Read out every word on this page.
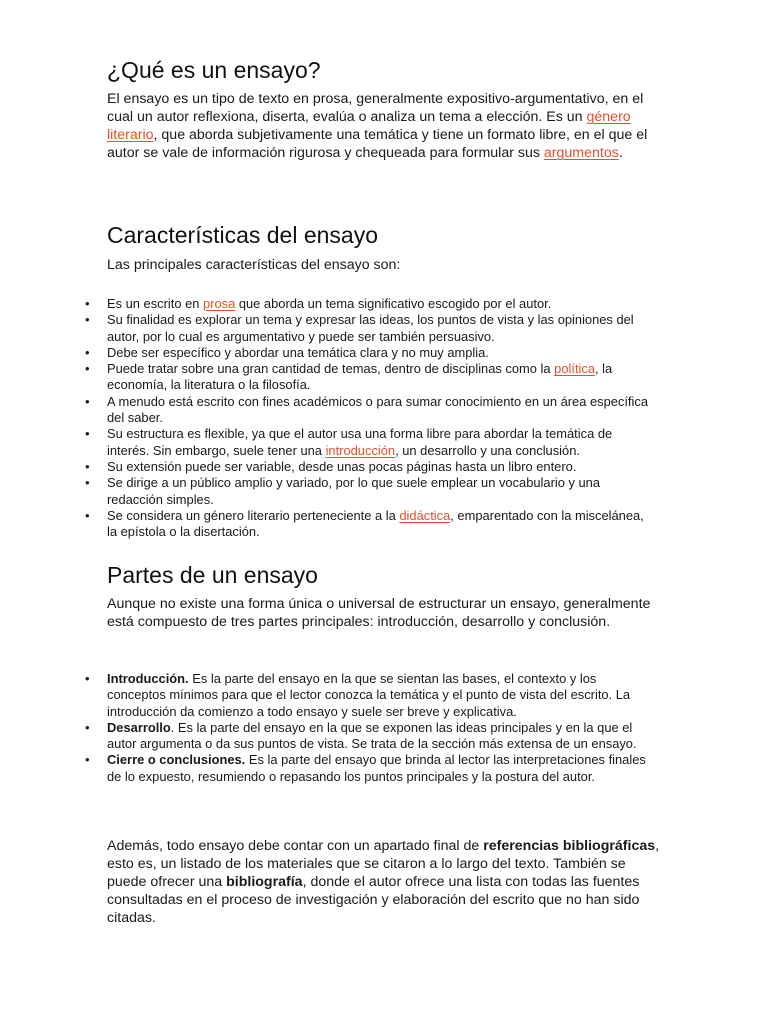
¿Qué es un ensayo?

El ensayo es un tipo de texto en prosa, generalmente expositivo-argumentativo, en el cual un autor reflexiona, diserta, evalúa o analiza un tema a elección. Es un género literario, que aborda subjetivamente una temática y tiene un formato libre, en el que el autor se vale de información rigurosa y chequeada para formular sus argumentos.

Características del ensayo

Las principales características del ensayo son:

• Es un escrito en prosa que aborda un tema significativo escogido por el autor.
• Su finalidad es explorar un tema y expresar las ideas, los puntos de vista y las opiniones del autor, por lo cual es argumentativo y puede ser también persuasivo.
• Debe ser específico y abordar una temática clara y no muy amplia.
• Puede tratar sobre una gran cantidad de temas, dentro de disciplinas como la política, la economía, la literatura o la filosofía.
• A menudo está escrito con fines académicos o para sumar conocimiento en un área específica del saber.
• Su estructura es flexible, ya que el autor usa una forma libre para abordar la temática de interés. Sin embargo, suele tener una introducción, un desarrollo y una conclusión.
• Su extensión puede ser variable, desde unas pocas páginas hasta un libro entero.
• Se dirige a un público amplio y variado, por lo que suele emplear un vocabulario y una redacción simples.
• Se considera un género literario perteneciente a la didáctica, emparentado con la miscelánea, la epístola o la disertación.
Partes de un ensayo

Aunque no existe una forma única o universal de estructurar un ensayo, generalmente está compuesto de tres partes principales: introducción, desarrollo y conclusión.

• Introducción. Es la parte del ensayo en la que se sientan las bases, el contexto y los conceptos mínimos para que el lector conozca la temática y el punto de vista del escrito. La introducción da comienzo a todo ensayo y suele ser breve y explicativa.
• Desarrollo. Es la parte del ensayo en la que se exponen las ideas principales y en la que el autor argumenta o da sus puntos de vista. Se trata de la sección más extensa de un ensayo.
• Cierre o conclusiones. Es la parte del ensayo que brinda al lector las interpretaciones finales de lo expuesto, resumiendo o repasando los puntos principales y la postura del autor.

Además, todo ensayo debe contar con un apartado final de referencias bibliográficas, esto es, un listado de los materiales que se citaron a lo largo del texto. También se puede ofrecer una bibliografía, donde el autor ofrece una lista con todas las fuentes consultadas en el proceso de investigación y elaboración del escrito que no han sido citadas.
